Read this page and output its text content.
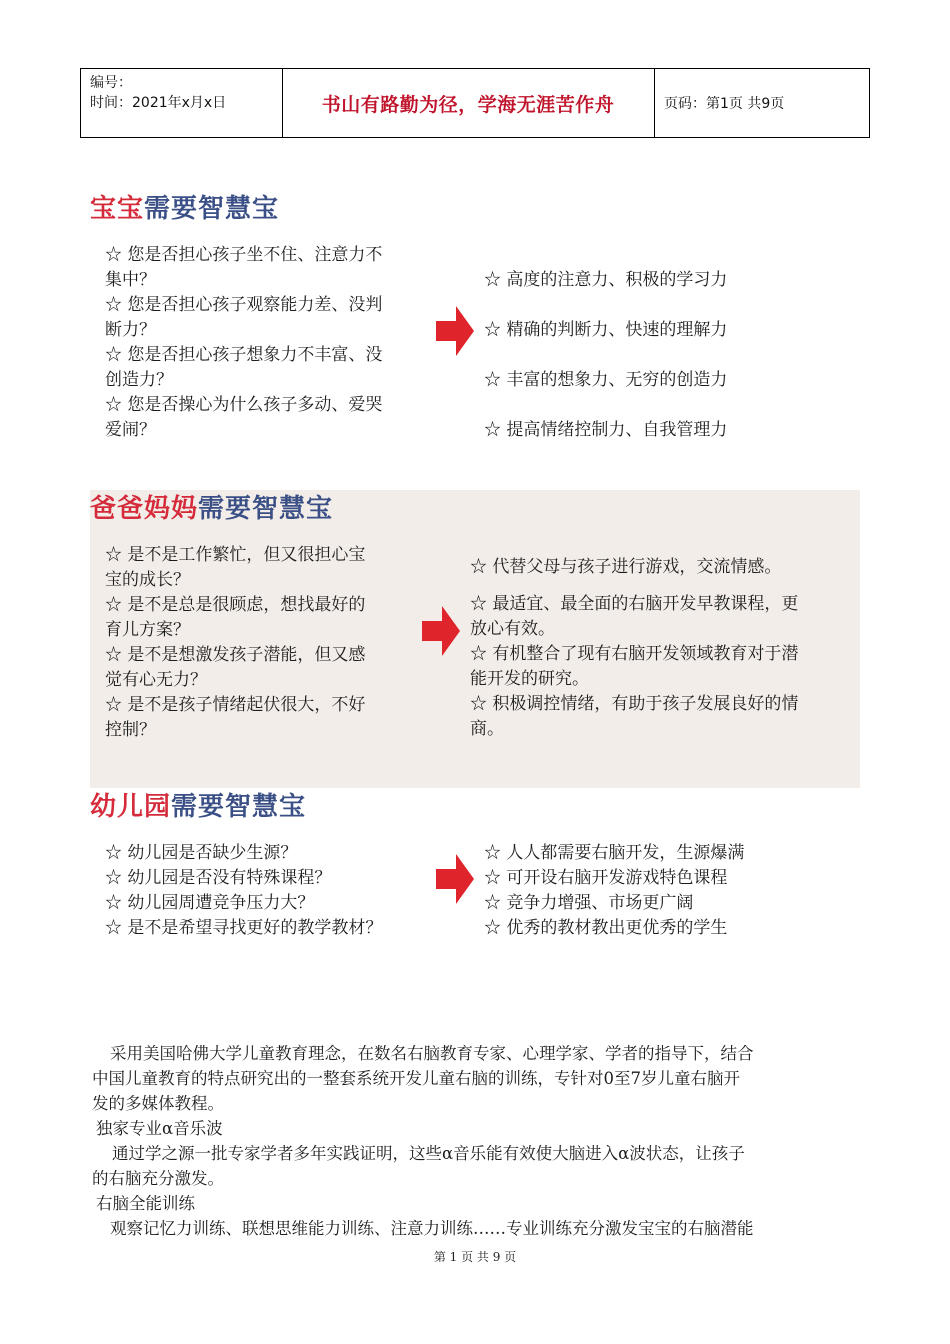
编号：
时间：2021年x月x日	书山有路勤为径，学海无涯苦作舟	页码：第1页 共9页
宝宝需要智慧宝
☆ 您是否担心孩子坐不住、注意力不
集中？
☆ 您是否担心孩子观察能力差、没判
断力？
☆ 您是否担心孩子想象力不丰富、没
创造力？
☆ 您是否操心为什么孩子多动、爱哭
爱闹？
☆ 高度的注意力、积极的学习力
☆ 精确的判断力、快速的理解力
☆ 丰富的想象力、无穷的创造力
☆ 提高情绪控制力、自我管理力
爸爸妈妈需要智慧宝
☆ 是不是工作繁忙，但又很担心宝
宝的成长？
☆ 是不是总是很顾虑，想找最好的
育儿方案？
☆ 是不是想激发孩子潜能，但又感
觉有心无力？
☆ 是不是孩子情绪起伏很大，不好
控制？
☆ 代替父母与孩子进行游戏，交流情感。
☆ 最适宜、最全面的右脑开发早教课程，更
放心有效。
☆ 有机整合了现有右脑开发领域教育对于潜
能开发的研究。
☆ 积极调控情绪，有助于孩子发展良好的情
商。
幼儿园需要智慧宝
☆ 幼儿园是否缺少生源？
☆ 幼儿园是否没有特殊课程？
☆ 幼儿园周遭竞争压力大？
☆ 是不是希望寻找更好的教学教材？
☆ 人人都需要右脑开发，生源爆满
☆ 可开设右脑开发游戏特色课程
☆ 竞争力增强、市场更广阔
☆ 优秀的教材教出更优秀的学生
采用美国哈佛大学儿童教育理念，在数名右脑教育专家、心理学家、学者的指导下，结合
中国儿童教育的特点研究出的一整套系统开发儿童右脑的训练，专针对0至7岁儿童右脑开
发的多媒体教程。
独家专业α音乐波
通过学之源一批专家学者多年实践证明，这些α音乐能有效使大脑进入α波状态，让孩子
的右脑充分激发。
右脑全能训练
观察记忆力训练、联想思维能力训练、注意力训练……专业训练充分激发宝宝的右脑潜能
第 1 页 共 9 页
